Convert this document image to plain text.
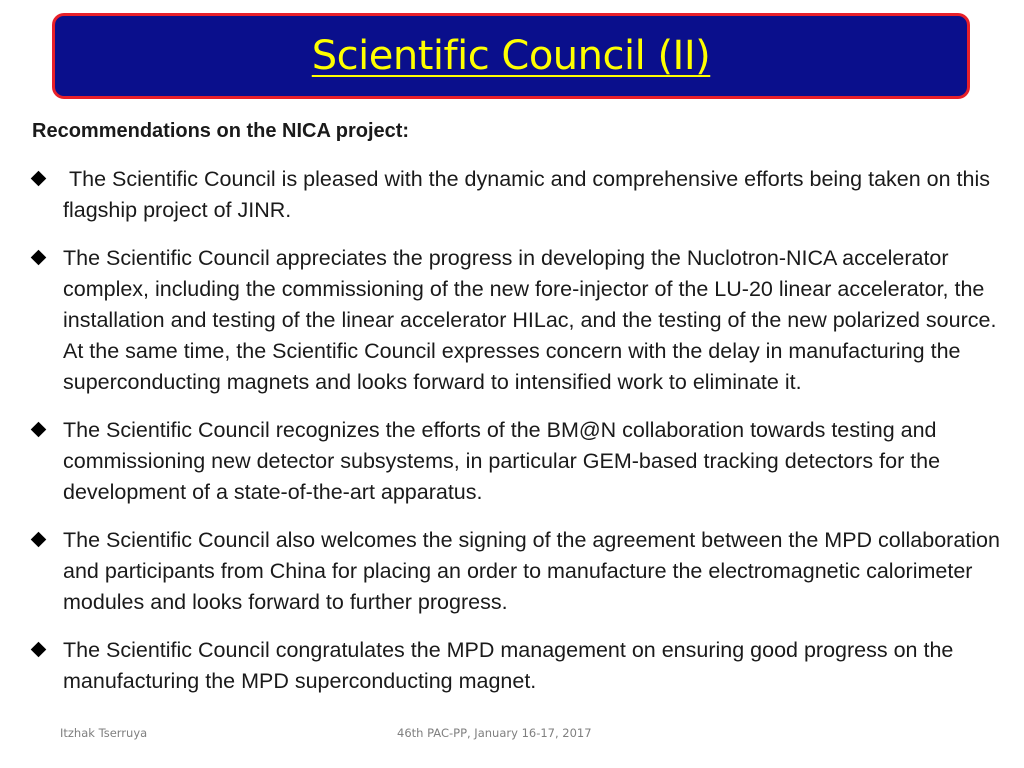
Scientific Council (II)
Recommendations on the NICA project:
The Scientific Council is pleased with the dynamic and comprehensive efforts being taken on this flagship project of JINR.
The Scientific Council appreciates the progress in developing the Nuclotron-NICA accelerator complex, including the commissioning of the new fore-injector of the LU-20 linear accelerator, the installation and testing of the linear accelerator HILac, and the testing of the new polarized source. At the same time, the Scientific Council expresses concern with the delay in manufacturing the superconducting magnets and looks forward to intensified work to eliminate it.
The Scientific Council recognizes the efforts of the BM@N collaboration towards testing and commissioning new detector subsystems, in particular GEM-based tracking detectors for the development of a state-of-the-art apparatus.
The Scientific Council also welcomes the signing of the agreement between the MPD collaboration and participants from China for placing an order to manufacture the electromagnetic calorimeter modules and looks forward to further progress.
The Scientific Council congratulates the MPD management on ensuring good progress on the manufacturing the MPD superconducting magnet.
Itzhak Tserruya	46th PAC-PP, January 16-17, 2017
